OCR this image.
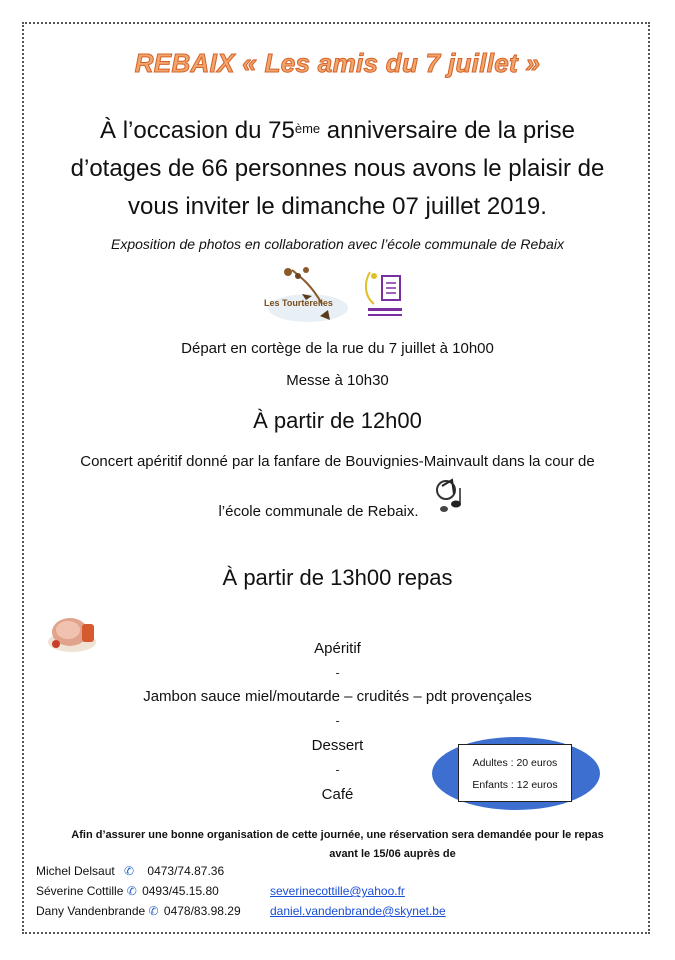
REBAIX « Les amis du 7 juillet »
À l’occasion du 75ème anniversaire de la prise
d’otages de 66 personnes nous avons le plaisir de
vous inviter le dimanche 07 juillet 2019.
Exposition de photos en collaboration avec l’école communale de Rebaix
Les Tourterelles
Départ en cortège de la rue du 7 juillet à 10h00
Messe à 10h30
À partir de 12h00
Concert apéritif donné par la fanfare de Bouvignies-Mainvault dans la cour de
l’école communale de Rebaix.
À partir de 13h00 repas
Apéritif
-
Jambon sauce miel/moutarde – crudités – pdt provençales
-
Dessert
-
Café
Adultes : 20 euros
Enfants : 12 euros
Afin d’assurer une bonne organisation de cette journée, une réservation sera demandée pour le repas
avant le 15/06 auprès de
Michel Delsaut ✆ 0473/74.87.36
Séverine Cottille ✆ 0493/45.15.80	severinecottille@yahoo.fr
Dany Vandenbrande ✆ 0478/83.98.29 daniel.vandenbrande@skynet.be
